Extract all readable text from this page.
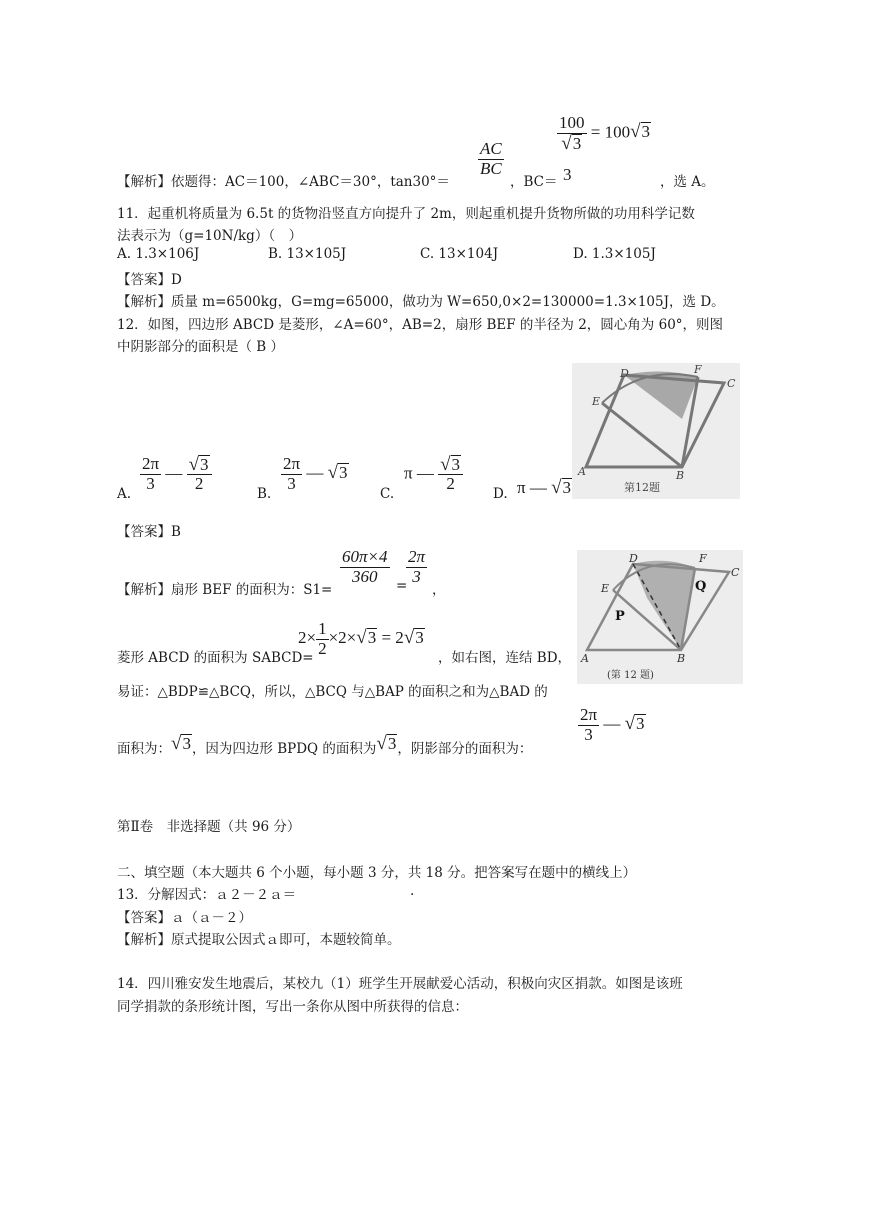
$\frac{100}{√ 3} = 100$ √ 3
【解析】依题得：AC＝100，∠ABC＝30°，tan30°＝
$\frac{AC}{BC}$
，BC＝ 3	，选 A。
11．起重机将质量为 6.5t 的货物沿竖直方向提升了 2m，则起重机提升货物所做的功用科学记数
法表示为（g=10N/kg）（　）
A. 1.3×106J	B. 13×105J	C. 13×104J	D. 1.3×105J
【答案】D
【解析】质量 m=6500kg，G=mg=65000，做功为 W=650,0×2=130000=1.3×105J，选 D。
12．如图，四边形 ABCD 是菱形，∠A=60°，AB=2，扇形 BEF 的半径为 2，圆心角为 60°，则图
中阴影部分的面积是（ B ）
D	F
C
E
A	B
第12题
A.
$\frac{2\pi}{3}$ — $\frac{√ 3}{2}$
B.
$\frac{2\pi}{3}$ — √ 3
C.
π — $\frac{√ 3}{2}$
D. π — √ 3
【答案】B
【解析】扇形 BEF 的面积为：S1=
$\frac{60\pi\times 4}{360}$ =
$\frac{2\pi}{3}$
，
菱形 ABCD 的面积为 SABCD=
$2\times \frac{1}{2} \times 2\times$ √ 3 = 2 √ 3
，如右图，连结 BD，
易证：△BDP≌△BCQ，所以，△BCQ 与△BAP 的面积之和为△BAD 的
D	F
C
E
P
Q
A	B
(第 12 题)
面积为： √ 3 ，因为四边形 BPDQ 的面积为 √ 3 ，阴影部分的面积为：
$\frac{2\pi}{3}$ — √ 3
第Ⅱ卷　非选择题（共 96 分）
二、填空题（本大题共 6 个小题，每小题 3 分，共 18 分。把答案写在题中的横线上）
13．分解因式：ａ２－２ａ＝	.
【答案】ａ（ａ－２）
【解析】原式提取公因式ａ即可，本题较简单。
14．四川雅安发生地震后，某校九（1）班学生开展献爱心活动，积极向灾区捐款。如图是该班
同学捐款的条形统计图，写出一条你从图中所获得的信息：
